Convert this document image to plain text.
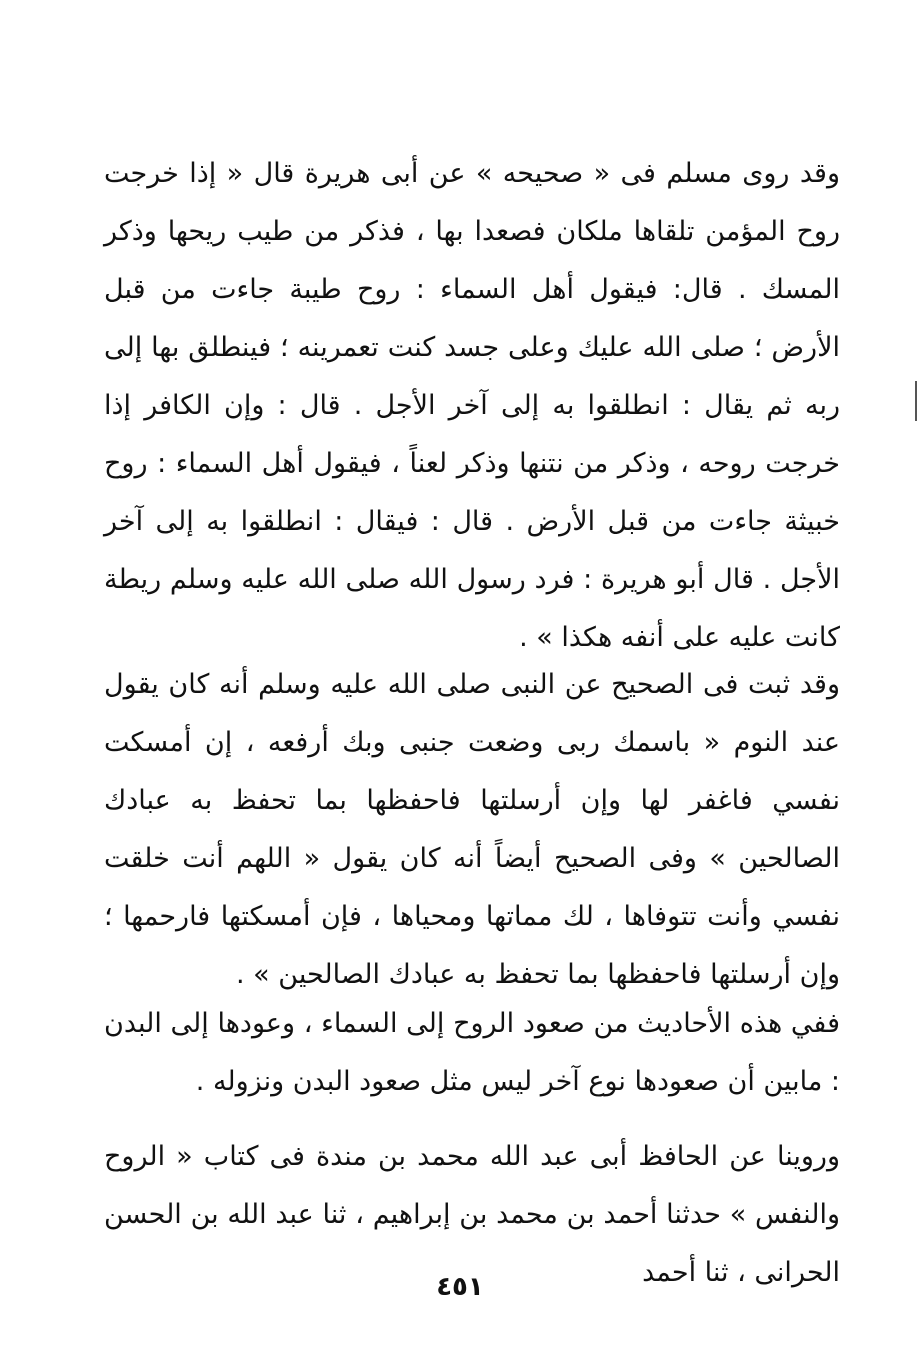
وقد روى مسلم فى « صحيحه » عن أبى هريرة قال « إذا خرجت روح المؤمن تلقاها ملكان فصعدا بها ، فذكر من طيب ريحها وذكر المسك . قال: فيقول أهل السماء : روح طيبة جاءت من قبل الأرض ؛ صلى الله عليك وعلى جسد كنت تعمرينه ؛ فينطلق بها إلى ربه ثم يقال : انطلقوا به إلى آخر الأجل . قال : وإن الكافر إذا خرجت روحه ، وذكر من نتنها وذكر لعناً ، فيقول أهل السماء : روح خبيثة جاءت من قبل الأرض . قال : فيقال : انطلقوا به إلى آخر الأجل . قال أبو هريرة : فرد رسول الله صلى الله عليه وسلم ريطة كانت عليه على أنفه هكذا » .

وقد ثبت فى الصحيح عن النبى صلى الله عليه وسلم أنه كان يقول عند النوم « باسمك ربى وضعت جنبى وبك أرفعه ، إن أمسكت نفسي فاغفر لها وإن أرسلتها فاحفظها بما تحفظ به عبادك الصالحين » وفى الصحيح أيضاً أنه كان يقول « اللهم أنت خلقت نفسي وأنت تتوفاها ، لك مماتها ومحياها ، فإن أمسكتها فارحمها ؛ وإن أرسلتها فاحفظها بما تحفظ به عبادك الصالحين » .

ففي هذه الأحاديث من صعود الروح إلى السماء ، وعودها إلى البدن : مابين أن صعودها نوع آخر ليس مثل صعود البدن ونزوله .

وروينا عن الحافظ أبى عبد الله محمد بن مندة فى كتاب « الروح والنفس » حدثنا أحمد بن محمد بن إبراهيم ، ثنا عبد الله بن الحسن الحرانى ، ثنا أحمد

٤٥١
